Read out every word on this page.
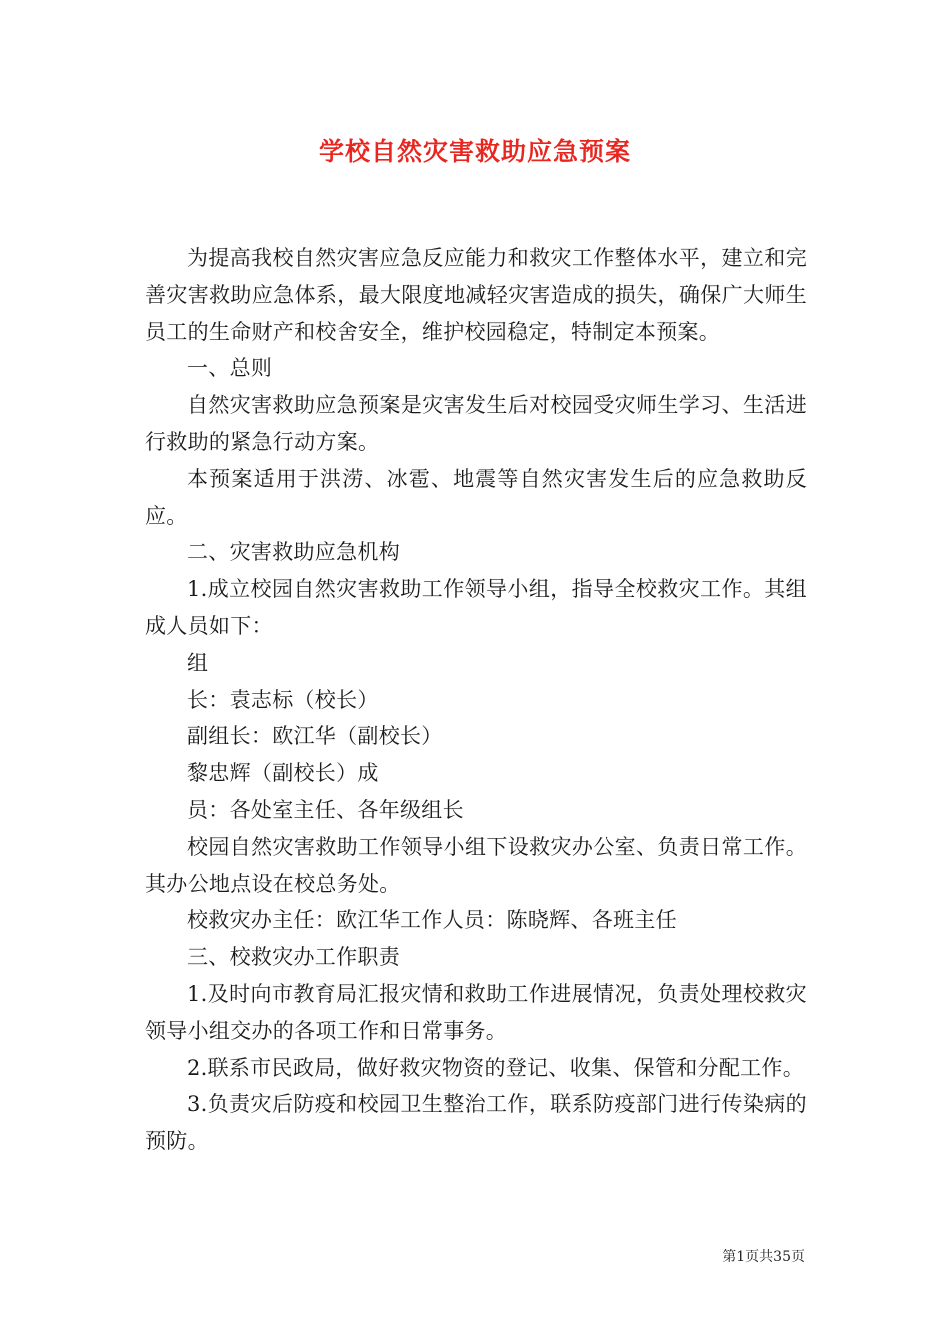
学校自然灾害救助应急预案

为提高我校自然灾害应急反应能力和救灾工作整体水平，建立和完善灾害救助应急体系，最大限度地减轻灾害造成的损失，确保广大师生员工的生命财产和校舍安全，维护校园稳定，特制定本预案。

一、总则

自然灾害救助应急预案是灾害发生后对校园受灾师生学习、生活进行救助的紧急行动方案。

本预案适用于洪涝、冰雹、地震等自然灾害发生后的应急救助反应。

二、灾害救助应急机构

1.成立校园自然灾害救助工作领导小组，指导全校救灾工作。其组成人员如下：

组

长：袁志标（校长）

副组长：欧江华（副校长）

黎忠辉（副校长）成

员：各处室主任、各年级组长

校园自然灾害救助工作领导小组下设救灾办公室、负责日常工作。其办公地点设在校总务处。

校救灾办主任：欧江华工作人员：陈晓辉、各班主任

三、校救灾办工作职责

1.及时向市教育局汇报灾情和救助工作进展情况，负责处理校救灾领导小组交办的各项工作和日常事务。

2.联系市民政局，做好救灾物资的登记、收集、保管和分配工作。

3.负责灾后防疫和校园卫生整治工作，联系防疫部门进行传染病的预防。

第1页共35页
